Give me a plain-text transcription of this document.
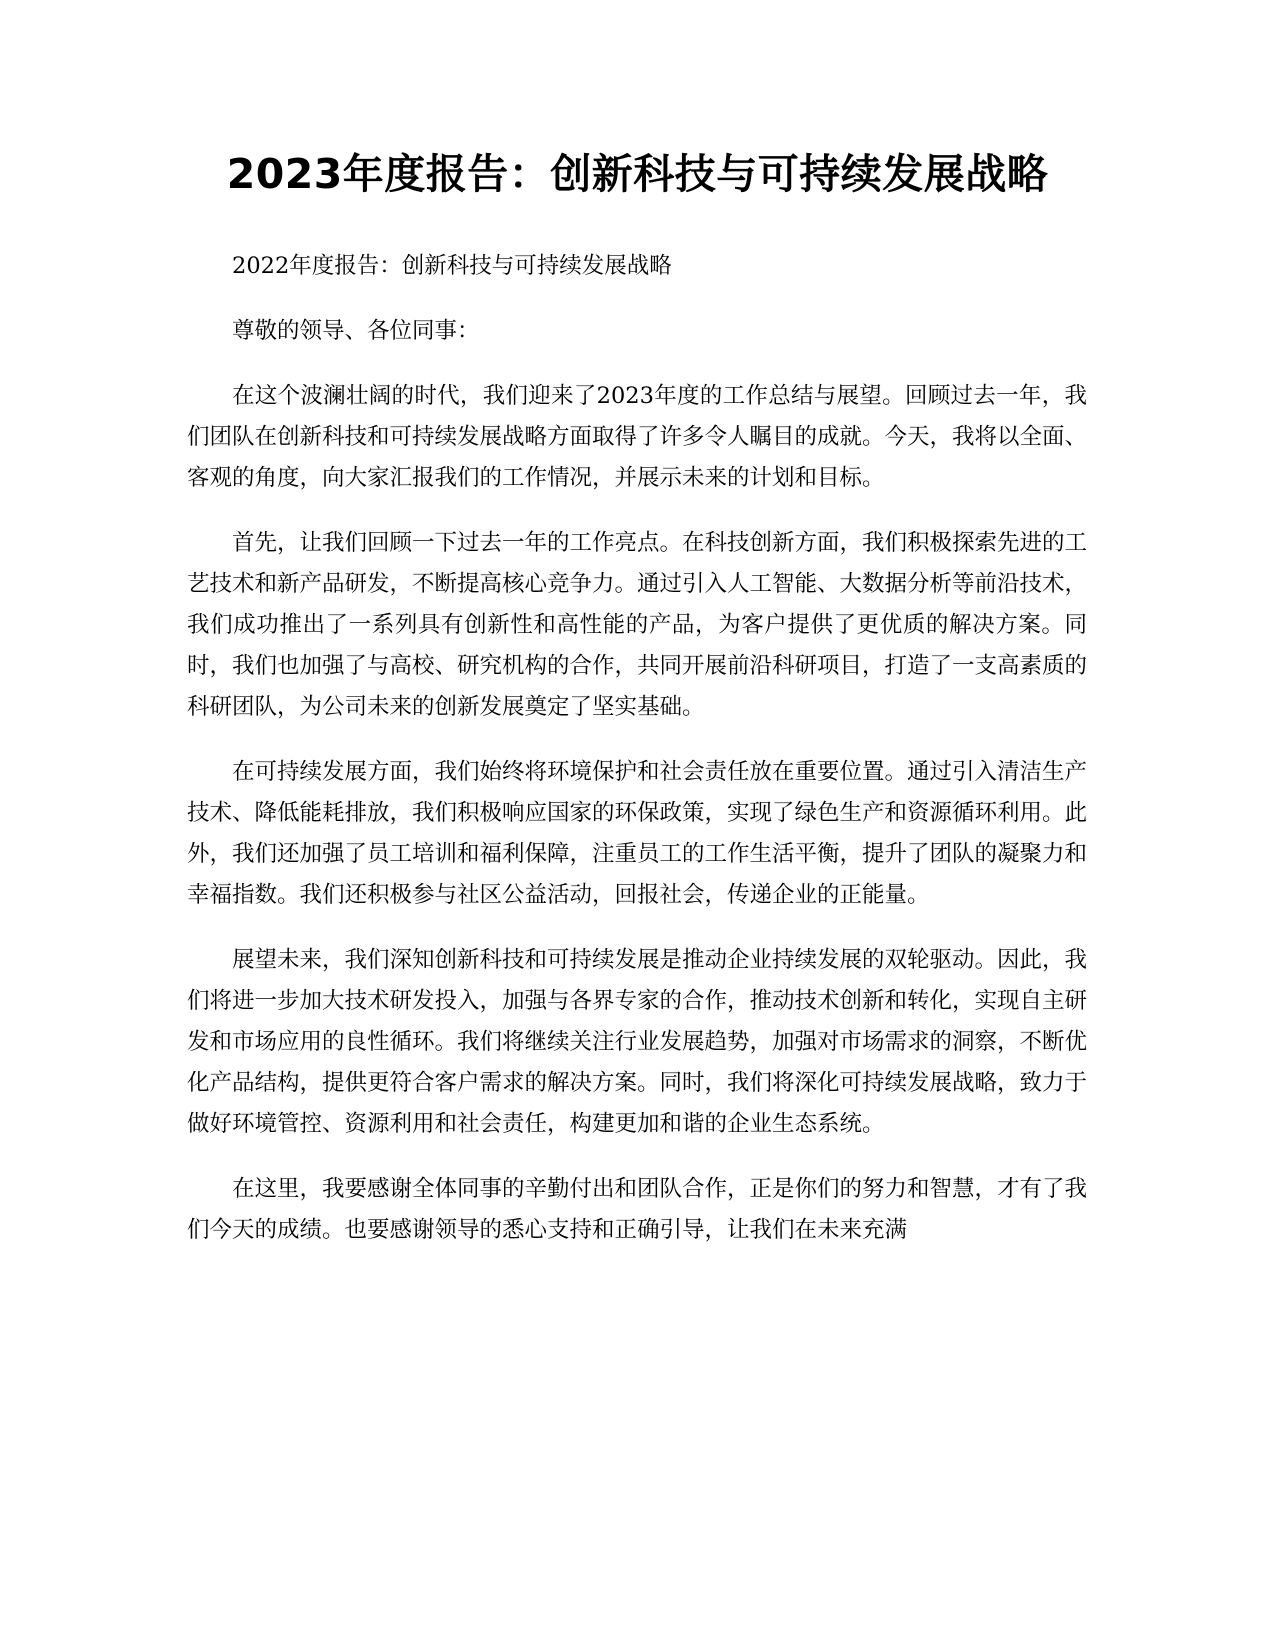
2023年度报告：创新科技与可持续发展战略

2022年度报告：创新科技与可持续发展战略

尊敬的领导、各位同事：

在这个波澜壮阔的时代，我们迎来了2023年度的工作总结与展望。回顾过去一年，我们团队在创新科技和可持续发展战略方面取得了许多令人瞩目的成就。今天，我将以全面、客观的角度，向大家汇报我们的工作情况，并展示未来的计划和目标。

首先，让我们回顾一下过去一年的工作亮点。在科技创新方面，我们积极探索先进的工艺技术和新产品研发，不断提高核心竞争力。通过引入人工智能、大数据分析等前沿技术，我们成功推出了一系列具有创新性和高性能的产品，为客户提供了更优质的解决方案。同时，我们也加强了与高校、研究机构的合作，共同开展前沿科研项目，打造了一支高素质的科研团队，为公司未来的创新发展奠定了坚实基础。

在可持续发展方面，我们始终将环境保护和社会责任放在重要位置。通过引入清洁生产技术、降低能耗排放，我们积极响应国家的环保政策，实现了绿色生产和资源循环利用。此外，我们还加强了员工培训和福利保障，注重员工的工作生活平衡，提升了团队的凝聚力和幸福指数。我们还积极参与社区公益活动，回报社会，传递企业的正能量。

展望未来，我们深知创新科技和可持续发展是推动企业持续发展的双轮驱动。因此，我们将进一步加大技术研发投入，加强与各界专家的合作，推动技术创新和转化，实现自主研发和市场应用的良性循环。我们将继续关注行业发展趋势，加强对市场需求的洞察，不断优化产品结构，提供更符合客户需求的解决方案。同时，我们将深化可持续发展战略，致力于做好环境管控、资源利用和社会责任，构建更加和谐的企业生态系统。

在这里，我要感谢全体同事的辛勤付出和团队合作，正是你们的努力和智慧，才有了我们今天的成绩。也要感谢领导的悉心支持和正确引导，让我们在未来充满
